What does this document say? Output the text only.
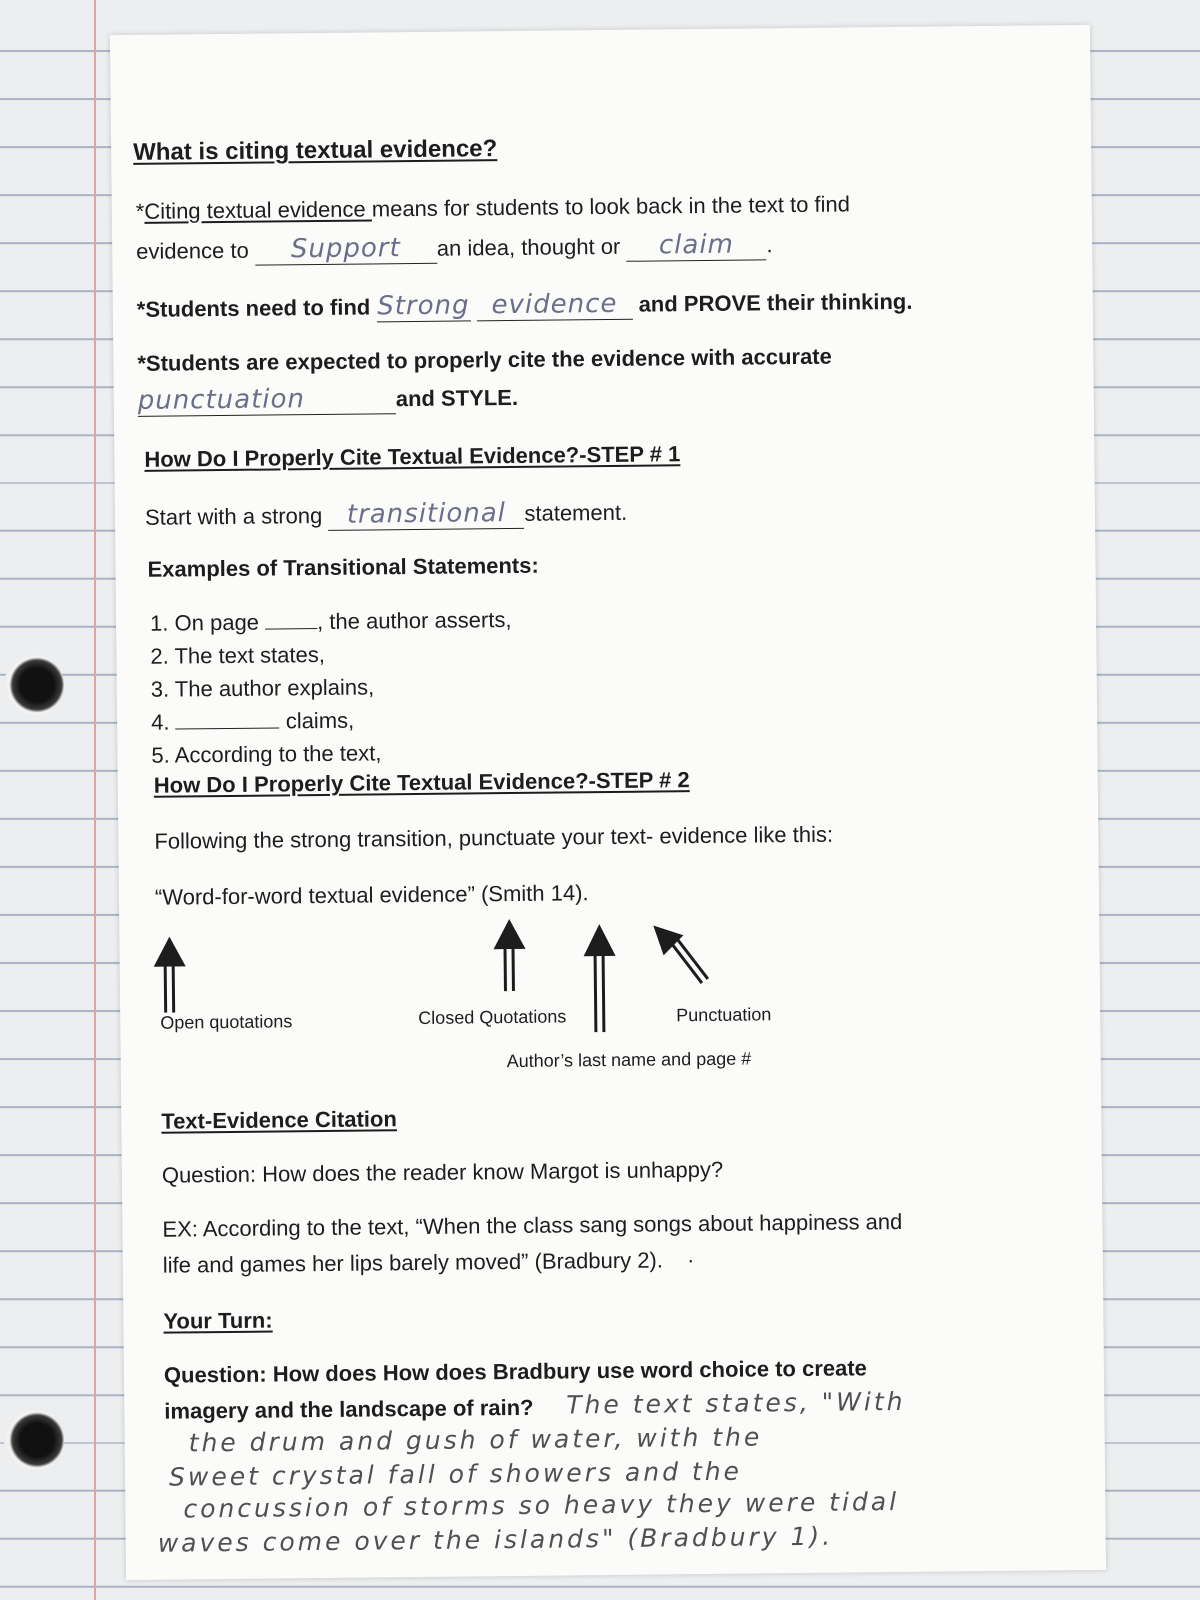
What is citing textual evidence?
*Citing textual evidence means for students to look back in the text to find
evidence to Support an idea, thought or claim .
*Students need to find Strong evidence and PROVE their thinking.
*Students are expected to properly cite the evidence with accurate
punctuation	and STYLE.
How Do I Properly Cite Textual Evidence?-STEP # 1
Start with a strong transitional statement.
Examples of Transitional Statements:
1. On page	, the author asserts,
2. The text states,
3. The author explains,
4.	claims,
5. According to the text,
How Do I Properly Cite Textual Evidence?-STEP # 2
Following the strong transition, punctuate your text- evidence like this:
“Word-for-word textual evidence” (Smith 14).
Open quotations	Closed Quotations	Punctuation
Author’s last name and page #
Text-Evidence Citation
Question: How does the reader know Margot is unhappy?
EX: According to the text, “When the class sang songs about happiness and
life and games her lips barely moved” (Bradbury 2). ·
Your Turn:
Question: How does How does Bradbury use word choice to create
imagery and the landscape of rain? The text states, "With
the drum and gush of water, with the
Sweet crystal fall of showers and the
concussion of storms so heavy they were tidal
waves come over the islands" (Bradbury 1).
